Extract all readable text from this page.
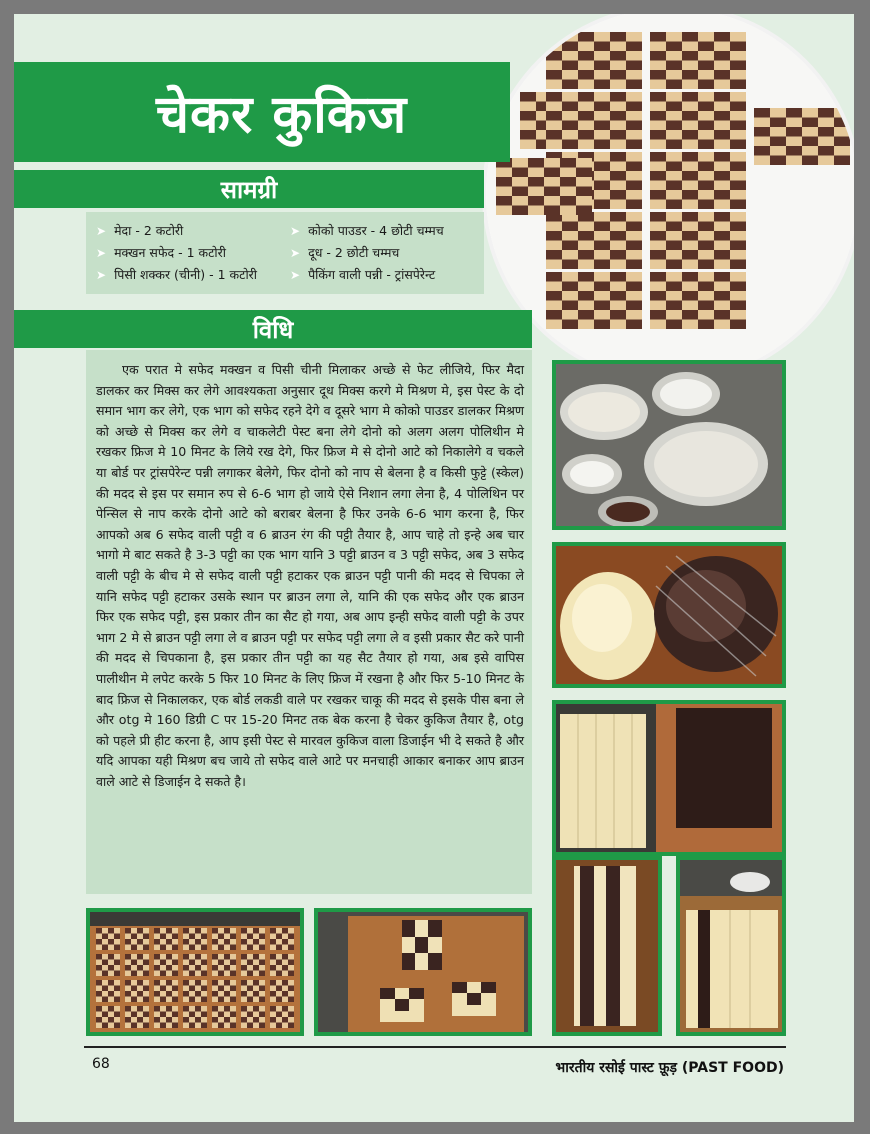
चेकर कुकिज
सामग्री
➤ मेदा - 2 कटोरी
➤ मक्खन सफेद - 1 कटोरी
➤ पिसी शक्कर (चीनी) - 1 कटोरी
➤ कोको पाउडर - 4 छोटी चम्मच
➤ दूध - 2 छोटी चम्मच
➤ पैकिंग वाली पन्नी - ट्रांसपेरेन्ट
विधि

एक परात मे सफेद मक्खन व पिसी चीनी मिलाकर अच्छे से फेट लीजिये, फिर मैदा डालकर कर मिक्स कर लेगे आवश्यकता अनुसार दूध मिक्स करगे मे मिश्रण मे, इस पेस्ट के दो समान भाग कर लेगे, एक भाग को सफेद रहने देगे व दूसरे भाग मे कोको पाउडर डालकर मिश्रण को अच्छे से मिक्स कर लेगे व चाकलेटी पेस्ट बना लेगे दोनो को अलग अलग पोलिथीन मे रखकर फ्रिज मे 10 मिनट के लिये रख देगे, फिर फ्रिज मे से दोनो आटे को निकालेगे व चकले या बोर्ड पर ट्रांसपेरेन्ट पन्नी लगाकर बेलेगे, फिर दोनो को नाप से बेलना है व किसी फुट्टे (स्केल) की मदद से इस पर समान रुप से 6-6 भाग हो जाये ऐसे निशान लगा लेना है, 4 पोलिथिन पर पेन्सिल से नाप करके दोनो आटे को बराबर बेलना है फिर उनके 6-6 भाग करना है, फिर आपको अब 6 सफेद वाली पट्टी व 6 ब्राउन रंग की पट्टी तैयार है, आप चाहे तो इन्हे अब चार भागो मे बाट सकते है 3-3 पट्टी का एक भाग यानि 3 पट्टी ब्राउन व 3 पट्टी सफेद, अब 3 सफेद वाली पट्टी के बीच मे से सफेद वाली पट्टी हटाकर एक ब्राउन पट्टी पानी की मदद से चिपका ले यानि सफेद पट्टी हटाकर उसके स्थान पर ब्राउन लगा ले, यानि की एक सफेद और एक ब्राउन फिर एक सफेद पट्टी, इस प्रकार तीन का सैट हो गया, अब आप इन्ही सफेद वाली पट्टी के उपर भाग 2 मे से ब्राउन पट्टी लगा ले व ब्राउन पट्टी पर सफेद पट्टी लगा ले व इसी प्रकार सैट करे पानी की मदद से चिपकाना है, इस प्रकार तीन पट्टी का यह सैट तैयार हो गया, अब इसे वापिस पालीथीन मे लपेट करके 5 फिर 10 मिनट के लिए फ्रिज में रखना है और फिर 5-10 मिनट के बाद फ्रिज से निकालकर, एक बोर्ड लकडी वाले पर रखकर चाकू की मदद से इसके पीस बना ले और otg मे 160 डिग्री C पर 15-20 मिनट तक बेक करना है चेकर कुकिज तैयार है, otg को पहले प्री हीट करना है, आप इसी पेस्ट से मारवल कुकिज वाला डिजाईन भी दे सकते है और यदि आपका यही मिश्रण बच जाये तो सफेद वाले आटे पर मनचाही आकार बनाकर आप ब्राउन वाले आटे से डिजाईन दे सकते है।

68	भारतीय रसोई पास्ट फ़ूड़ (PAST FOOD)
